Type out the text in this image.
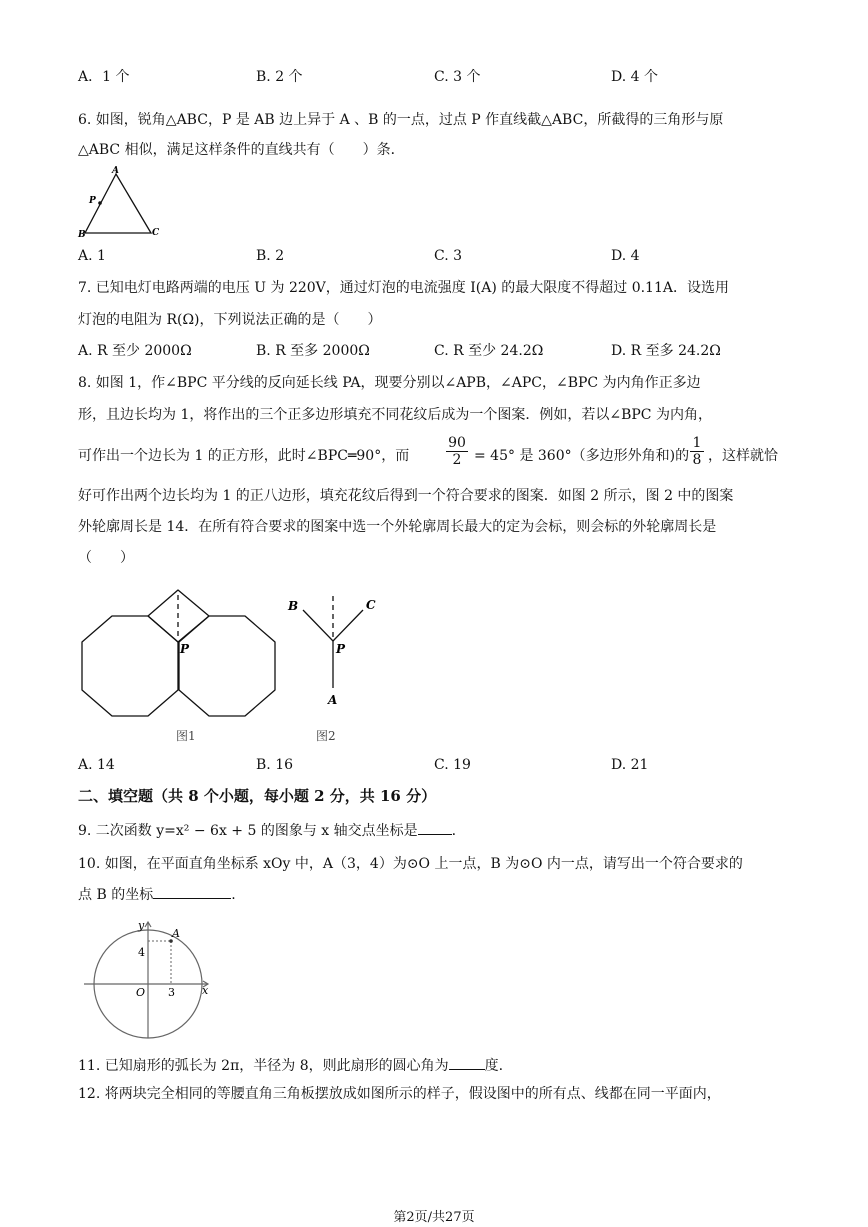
A．1 个	B. 2 个	C. 3 个	D. 4 个
6. 如图，锐角△ABC，P 是 AB 边上异于 A 、B 的一点，过点 P 作直线截△ABC，所截得的三角形与原
△ABC 相似，满足这样条件的直线共有（　　）条．
A
P
B	C
A. 1	B. 2	C. 3	D. 4
7. 已知电灯电路两端的电压 U 为 220V，通过灯泡的电流强度 I(A) 的最大限度不得超过 0.11A．设选用
灯泡的电阻为 R(Ω)，下列说法正确的是（　　）
A. R 至少 2000Ω	B. R 至多 2000Ω	C. R 至少 24.2Ω	D. R 至多 24.2Ω
8. 如图 1，作∠BPC 平分线的反向延长线 PA，现要分别以∠APB，∠APC，∠BPC 为内角作正多边
形，且边长均为 1，将作出的三个正多边形填充不同花纹后成为一个图案．例如，若以∠BPC 为内角，
可作出一个边长为 1 的正方形，此时∠BPC═90°，而	$\frac{90}{2} = 45^\circ$ 是 360°（多边形外角和)的 $\frac{1}{8}$ ，这样就恰
好可作出两个边长均为 1 的正八边形，填充花纹后得到一个符合要求的图案．如图 2 所示，图 2 中的图案
外轮廓周长是 14．在所有符合要求的图案中选一个外轮廓周长最大的定为会标，则会标的外轮廓周长是
（　　）
P
图1
B	C
P
A
图2
A. 14	B. 16	C. 19	D. 21
二、填空题（共 8 个小题，每小题 2 分，共 16 分）
9. 二次函数 y=x² − 6x + 5 的图象与 x 轴交点坐标是 .
10. 如图，在平面直角坐标系 xOy 中，A（3，4）为⊙O 上一点，B 为⊙O 内一点，请写出一个符合要求的
点 B 的坐标	.
y
A
4
O 3 x
11. 已知扇形的弧长为 2π，半径为 8，则此扇形的圆心角为	度.
12. 将两块完全相同的等腰直角三角板摆放成如图所示的样子，假设图中的所有点、线都在同一平面内，
第2页/共27页
